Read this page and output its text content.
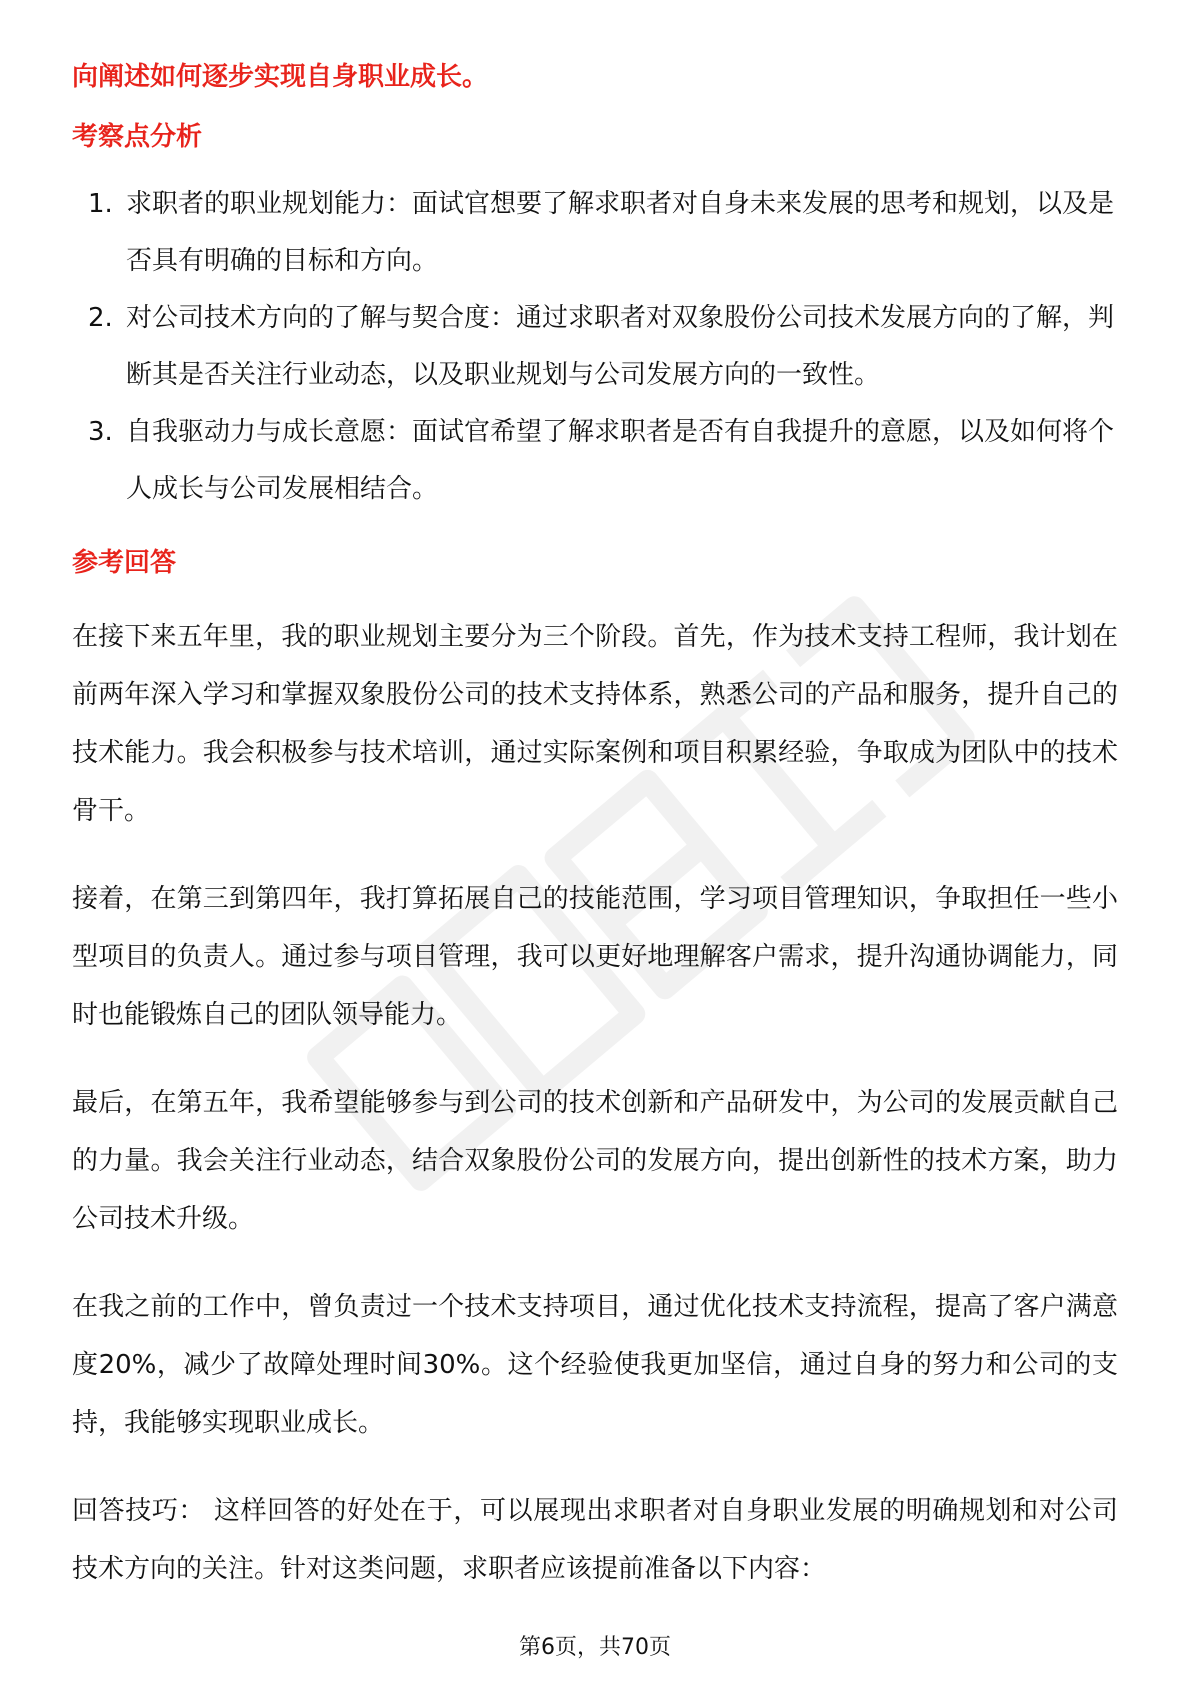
向阐述如何逐步实现自身职业成长。
考察点分析
1. 求职者的职业规划能力：面试官想要了解求职者对自身未来发展的思考和规划，以及是否具有明确的目标和方向。
2. 对公司技术方向的了解与契合度：通过求职者对双象股份公司技术发展方向的了解，判断其是否关注行业动态，以及职业规划与公司发展方向的一致性。
3. 自我驱动力与成长意愿：面试官希望了解求职者是否有自我提升的意愿，以及如何将个人成长与公司发展相结合。
参考回答

在接下来五年里，我的职业规划主要分为三个阶段。首先，作为技术支持工程师，我计划在前两年深入学习和掌握双象股份公司的技术支持体系，熟悉公司的产品和服务，提升自己的技术能力。我会积极参与技术培训，通过实际案例和项目积累经验，争取成为团队中的技术骨干。

接着，在第三到第四年，我打算拓展自己的技能范围，学习项目管理知识，争取担任一些小型项目的负责人。通过参与项目管理，我可以更好地理解客户需求，提升沟通协调能力，同时也能锻炼自己的团队领导能力。

最后，在第五年，我希望能够参与到公司的技术创新和产品研发中，为公司的发展贡献自己的力量。我会关注行业动态，结合双象股份公司的发展方向，提出创新性的技术方案，助力公司技术升级。

在我之前的工作中，曾负责过一个技术支持项目，通过优化技术支持流程，提高了客户满意度20%，减少了故障处理时间30%。这个经验使我更加坚信，通过自身的努力和公司的支持，我能够实现职业成长。

回答技巧： 这样回答的好处在于，可以展现出求职者对自身职业发展的明确规划和对公司技术方向的关注。针对这类问题，求职者应该提前准备以下内容：

第6页，共70页
